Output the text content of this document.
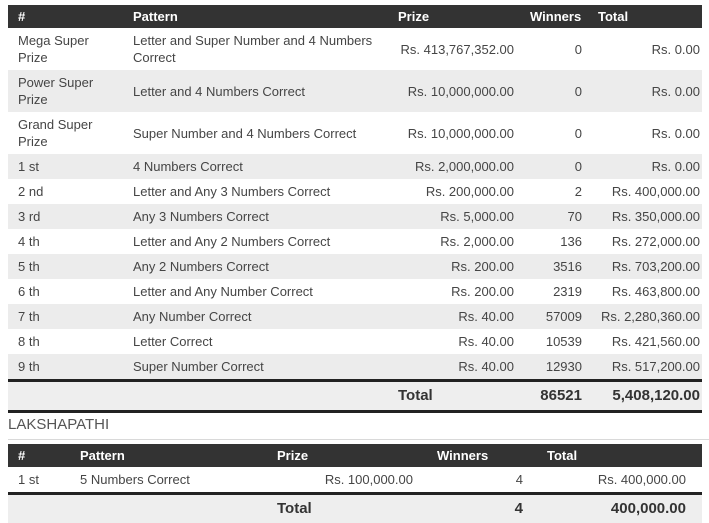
#	Pattern	Prize	Winners	Total
Mega Super Prize	Letter and Super Number and 4 Numbers Correct	Rs. 413,767,352.00	0	Rs. 0.00
Power Super Prize	Letter and 4 Numbers Correct	Rs. 10,000,000.00	0	Rs. 0.00
Grand Super Prize	Super Number and 4 Numbers Correct	Rs. 10,000,000.00	0	Rs. 0.00
1 st	4 Numbers Correct	Rs. 2,000,000.00	0	Rs. 0.00
2 nd	Letter and Any 3 Numbers Correct	Rs. 200,000.00	2	Rs. 400,000.00
3 rd	Any 3 Numbers Correct	Rs. 5,000.00	70	Rs. 350,000.00
4 th	Letter and Any 2 Numbers Correct	Rs. 2,000.00	136	Rs. 272,000.00
5 th	Any 2 Numbers Correct	Rs. 200.00	3516	Rs. 703,200.00
6 th	Letter and Any Number Correct	Rs. 200.00	2319	Rs. 463,800.00
7 th	Any Number Correct	Rs. 40.00	57009	Rs. 2,280,360.00
8 th	Letter Correct	Rs. 40.00	10539	Rs. 421,560.00
9 th	Super Number Correct	Rs. 40.00	12930	Rs. 517,200.00
		Total	86521	5,408,120.00
LAKSHAPATHI
#	Pattern	Prize	Winners	Total
1 st	5 Numbers Correct	Rs. 100,000.00	4	Rs. 400,000.00
		Total	4	400,000.00
